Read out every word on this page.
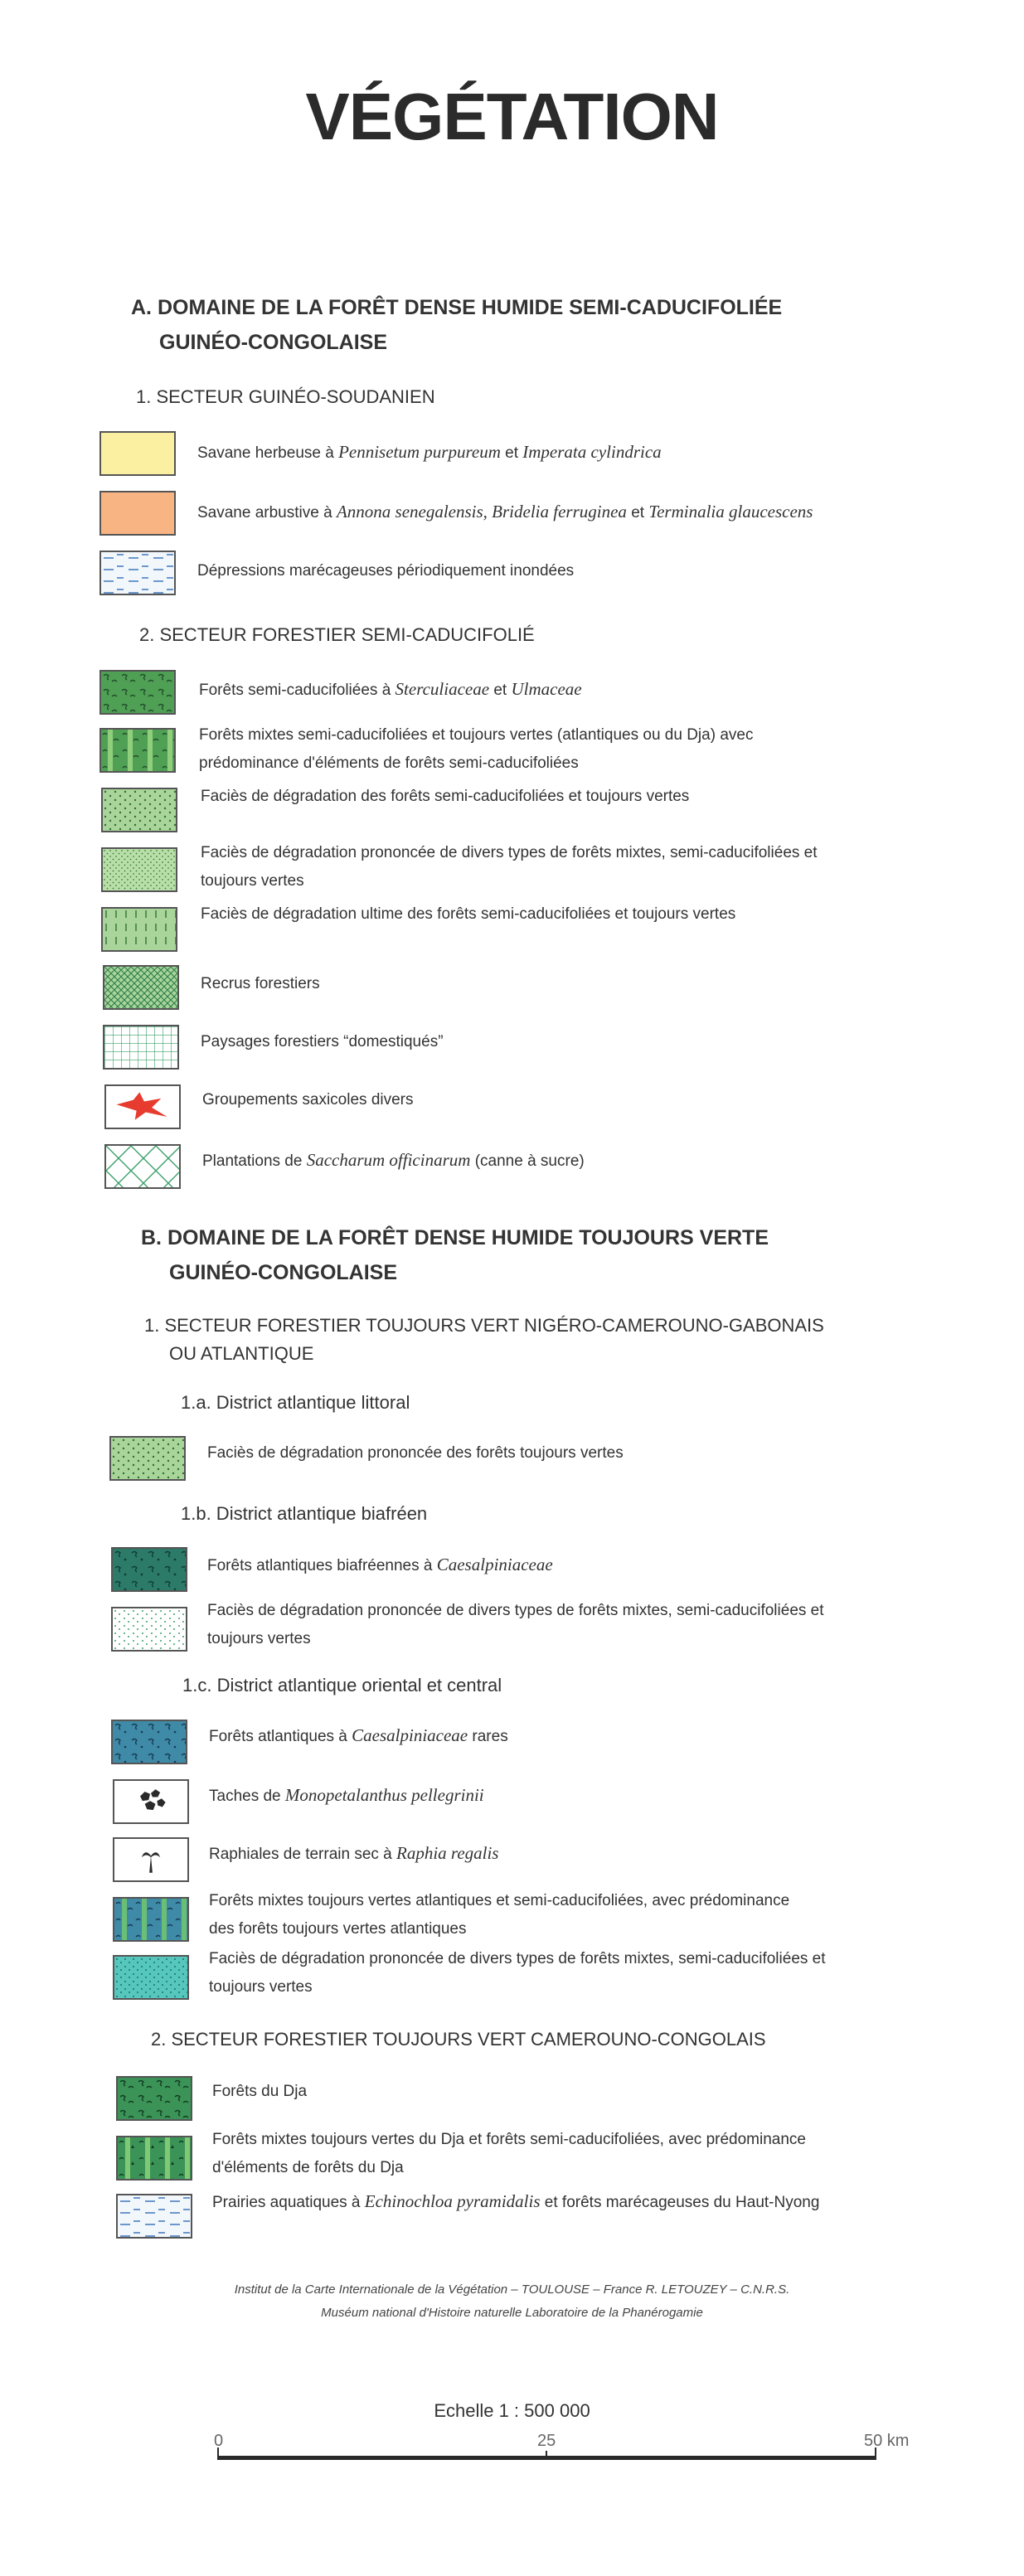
VÉGÉTATION
A. DOMAINE DE LA FORÊT DENSE HUMIDE SEMI-CADUCIFOLIÉE
GUINÉO-CONGOLAISE
1. SECTEUR GUINÉO-SOUDANIEN
Savane herbeuse à Pennisetum purpureum et Imperata cylindrica
Savane arbustive à Annona senegalensis, Bridelia ferruginea et Terminalia glaucescens
Dépressions marécageuses périodiquement inondées
2. SECTEUR FORESTIER SEMI-CADUCIFOLIÉ
Forêts semi-caducifoliées à Sterculiaceae et Ulmaceae
Forêts mixtes semi-caducifoliées et toujours vertes (atlantiques ou du Dja) avec
prédominance d'éléments de forêts semi-caducifoliées
Faciès de dégradation des forêts semi-caducifoliées et toujours vertes
Faciès de dégradation prononcée de divers types de forêts mixtes, semi-caducifoliées et
toujours vertes
Faciès de dégradation ultime des forêts semi-caducifoliées et toujours vertes
Recrus forestiers
Paysages forestiers “domestiqués”
Groupements saxicoles divers
Plantations de Saccharum officinarum (canne à sucre)
B. DOMAINE DE LA FORÊT DENSE HUMIDE TOUJOURS VERTE
GUINÉO-CONGOLAISE
1. SECTEUR FORESTIER TOUJOURS VERT NIGÉRO-CAMEROUNO-GABONAIS
OU ATLANTIQUE
1.a. District atlantique littoral
Faciès de dégradation prononcée des forêts toujours vertes
1.b. District atlantique biafréen
Forêts atlantiques biafréennes à Caesalpiniaceae
Faciès de dégradation prononcée de divers types de forêts mixtes, semi-caducifoliées et
toujours vertes
1.c. District atlantique oriental et central
Forêts atlantiques à Caesalpiniaceae rares
Taches de Monopetalanthus pellegrinii
Raphiales de terrain sec à Raphia regalis
Forêts mixtes toujours vertes atlantiques et semi-caducifoliées, avec prédominance
des forêts toujours vertes atlantiques
Faciès de dégradation prononcée de divers types de forêts mixtes, semi-caducifoliées et
toujours vertes
2. SECTEUR FORESTIER TOUJOURS VERT CAMEROUNO-CONGOLAIS
Forêts du Dja
Forêts mixtes toujours vertes du Dja et forêts semi-caducifoliées, avec prédominance
d'éléments de forêts du Dja
Prairies aquatiques à Echinochloa pyramidalis et forêts marécageuses du Haut-Nyong
Institut de la Carte Internationale de la Végétation – TOULOUSE – France R. LETOUZEY – C.N.R.S.
Muséum national d'Histoire naturelle Laboratoire de la Phanérogamie
Echelle 1 : 500 000
0	25	50 km
